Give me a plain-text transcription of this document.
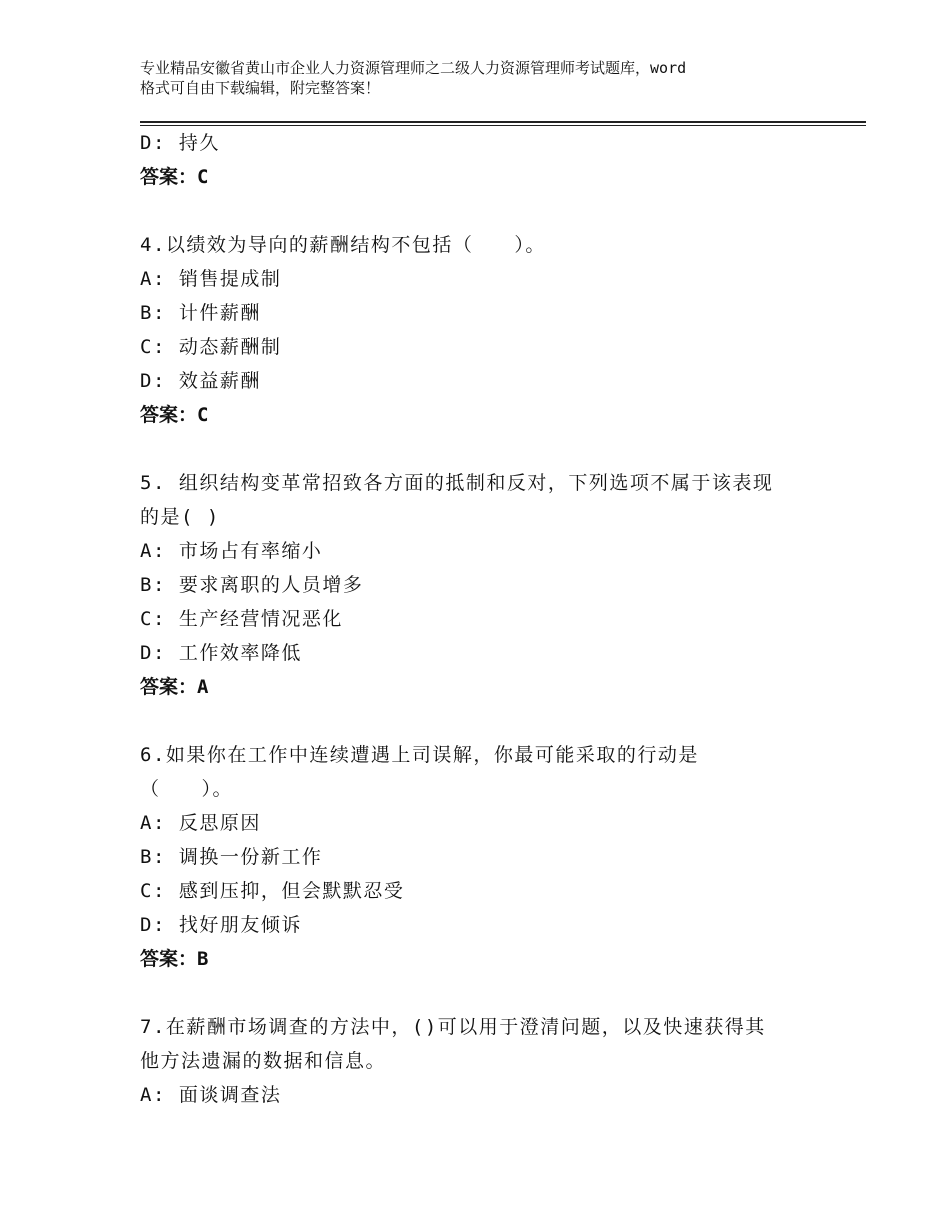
专业精品安徽省黄山市企业人力资源管理师之二级人力资源管理师考试题库，word
格式可自由下载编辑，附完整答案！
D: 持久
答案：C
4.以绩效为导向的薪酬结构不包括（　　）。
A: 销售提成制
B: 计件薪酬
C: 动态薪酬制
D: 效益薪酬
答案：C
5. 组织结构变革常招致各方面的抵制和反对，下列选项不属于该表现
的是( )
A: 市场占有率缩小
B: 要求离职的人员增多
C: 生产经营情况恶化
D: 工作效率降低
答案：A
6.如果你在工作中连续遭遇上司误解，你最可能采取的行动是
（　　）。
A: 反思原因
B: 调换一份新工作
C: 感到压抑，但会默默忍受
D: 找好朋友倾诉
答案：B
7.在薪酬市场调查的方法中，()可以用于澄清问题，以及快速获得其
他方法遗漏的数据和信息。
A: 面谈调查法
